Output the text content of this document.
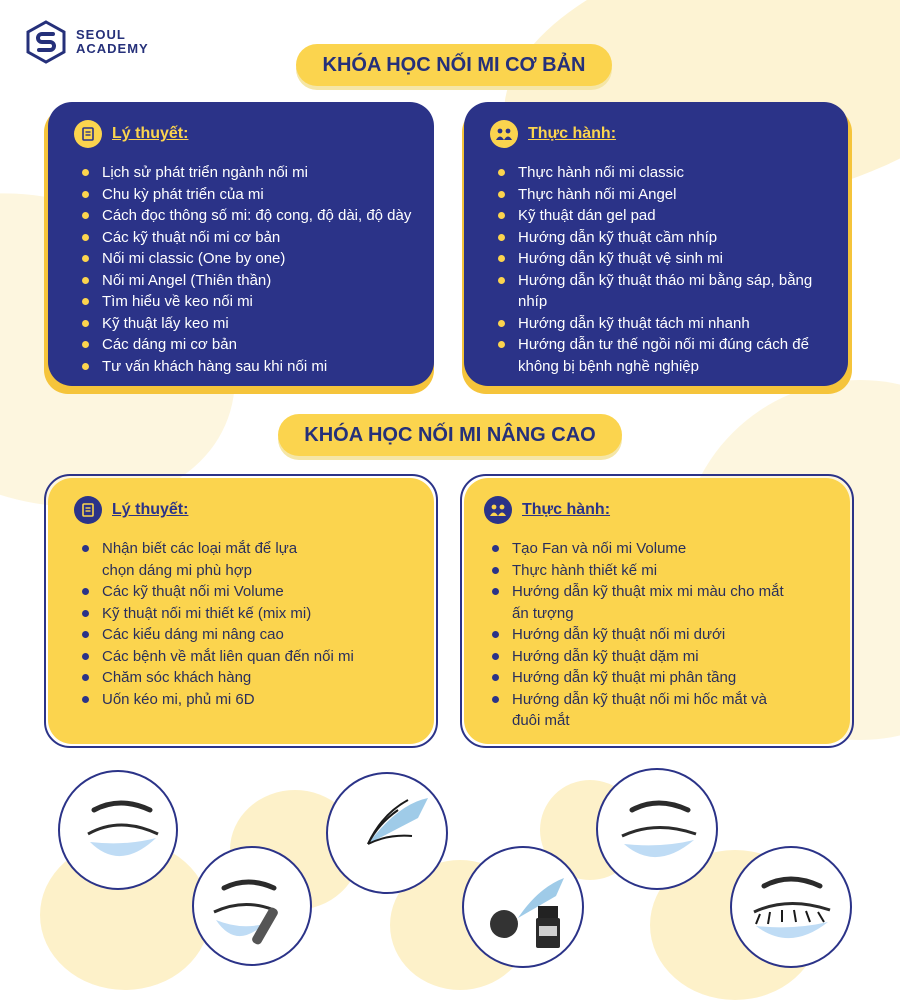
SEOUL
ACADEMY
KHÓA HỌC NỐI MI CƠ BẢN
Lý thuyết:
Lịch sử phát triển ngành nối mi
Chu kỳ phát triển của mi
Cách đọc thông số mi: độ cong, độ dài, độ dày
Các kỹ thuật nối mi cơ bản
Nối mi classic (One by one)
Nối mi Angel (Thiên thần)
Tìm hiểu về keo nối mi
Kỹ thuật lấy keo mi
Các dáng mi cơ bản
Tư vấn khách hàng sau khi nối mi
Thực hành:
Thực hành nối mi classic
Thực hành nối mi Angel
Kỹ thuật dán gel pad
Hướng dẫn kỹ thuật cầm nhíp
Hướng dẫn kỹ thuật vệ sinh mi
Hướng dẫn kỹ thuật tháo mi bằng sáp, bằng nhíp
Hướng dẫn kỹ thuật tách mi nhanh
Hướng dẫn tư thế ngồi nối mi đúng cách để không bị bệnh nghề nghiệp
KHÓA HỌC NỐI MI NÂNG CAO
Lý thuyết:
Nhận biết các loại mắt để lựa chọn dáng mi phù hợp
Các kỹ thuật nối mi Volume
Kỹ thuật nối mi thiết kế (mix mi)
Các kiểu dáng mi nâng cao
Các bệnh về mắt liên quan đến nối mi
Chăm sóc khách hàng
Uốn kéo mi, phủ mi 6D
Thực hành:
Tạo Fan và nối mi Volume
Thực hành thiết kế mi
Hướng dẫn kỹ thuật mix mi màu cho mắt ấn tượng
Hướng dẫn kỹ thuật nối mi dưới
Hướng dẫn kỹ thuật dặm mi
Hướng dẫn kỹ thuật mi phân tầng
Hướng dẫn kỹ thuật nối mi hốc mắt và đuôi mắt
